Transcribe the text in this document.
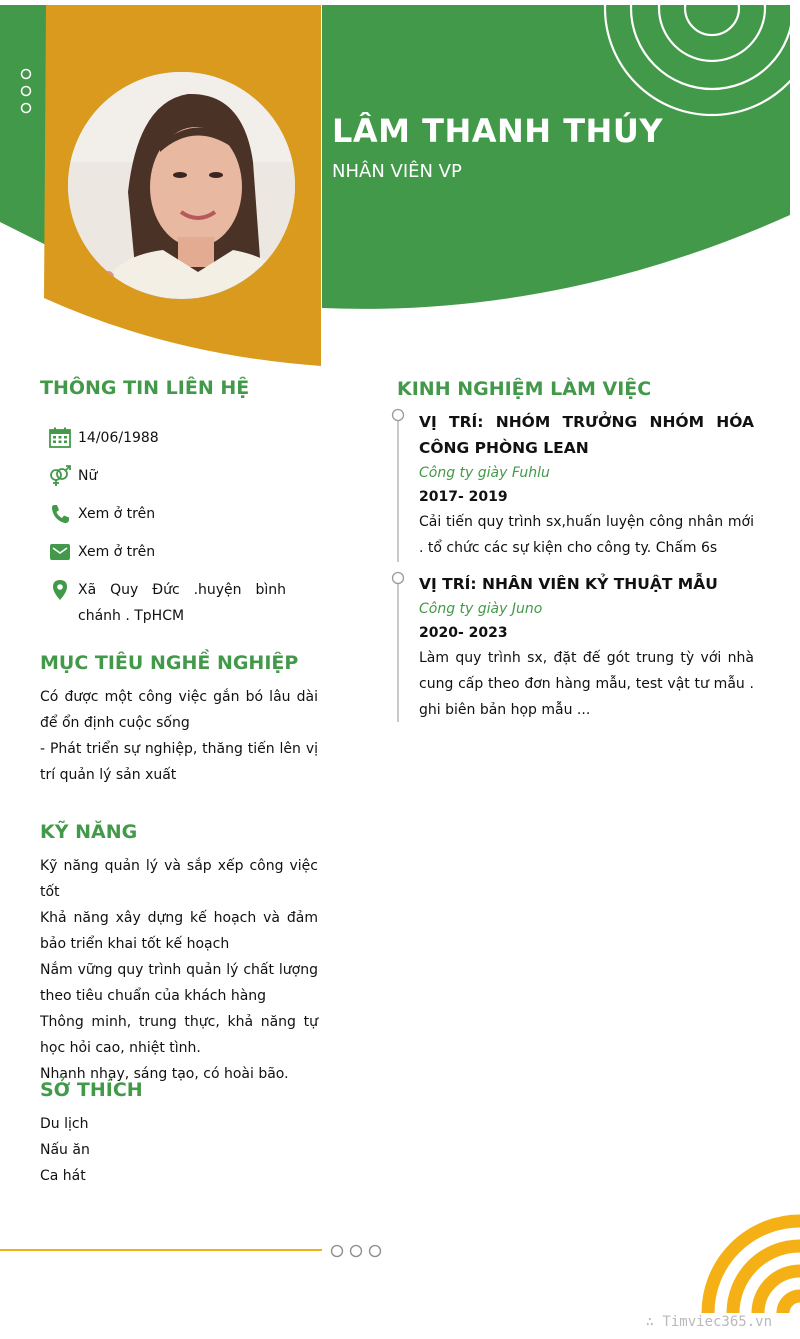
LÂM THANH THÚY
NHÂN VIÊN VP
THÔNG TIN LIÊN HỆ
14/06/1988
Nữ
Xem ở trên
Xem ở trên
Xã Quy Đức .huyện bình chánh . TpHCM
MỤC TIÊU NGHỀ NGHIỆP
Có được một công việc gắn bó lâu dài để ổn định cuộc sống
- Phát triển sự nghiệp, thăng tiến lên vị trí quản lý sản xuất
KỸ NĂNG
Kỹ năng quản lý và sắp xếp công việc tốt
Khả năng xây dựng kế hoạch và đảm bảo triển khai tốt kế hoạch
Nắm vững quy trình quản lý chất lượng theo tiêu chuẩn của khách hàng
Thông minh, trung thực, khả năng tự học hỏi cao, nhiệt tình.
Nhanh nhạy, sáng tạo, có hoài bão.
SỞ THÍCH
Du lịch
Nấu ăn
Ca hát
KINH NGHIỆM LÀM VIỆC
VỊ TRÍ: NHÓM TRƯỞNG NHÓM HÓA CÔNG PHÒNG LEAN
Công ty giày Fuhlu
2017- 2019
Cải tiến quy trình sx,huấn luyện công nhân mới . tổ chức các sự kiện cho công ty. Chấm 6s
VỊ TRÍ: NHÂN VIÊN KỶ THUẬT MẪU
Công ty giày Juno
2020- 2023
Làm quy trình sx, đặt đế gót trung tỳ với nhà cung cấp theo đơn hàng mẫu, test vật tư mẫu . ghi biên bản họp mẫu ...
∴ Timviec365.vn
